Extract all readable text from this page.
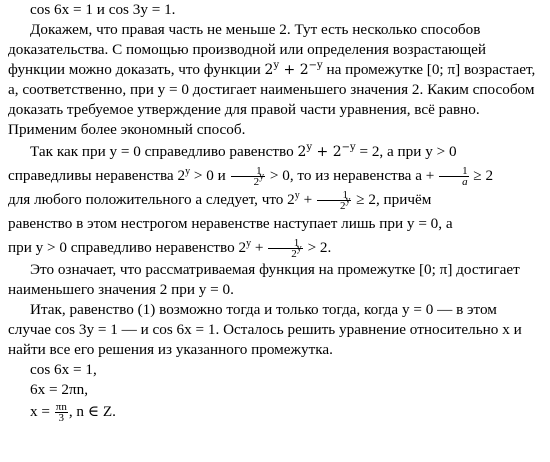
cos 6x = 1 и cos 3y = 1.

Докажем, что правая часть не меньше 2. Тут есть несколько способов доказательства. С помощью производной или определения возрастающей функции можно доказать, что функции $2^y + 2^{-y}$ на промежутке [0; π] возрастает, а, соответственно, при y = 0 достигает наименьшего значения 2. Каким способом доказать требуемое утверждение для правой части уравнения, всё равно. Применим более экономный способ.

Так как при y = 0 справедливо равенство $2^y + 2^{-y} = 2$, а при y > 0 справедливы неравенства $2^y > 0$ и $\frac{1}{2^y} > 0$, то из неравенства $a + \frac{1}{a} \ge 2$
для любого положительного a следует, что $2^y + \frac{1}{2^y} \ge 2$, причём
равенство в этом нестрогом неравенстве наступает лишь при y = 0, а
при y > 0 справедливо неравенство $2^y + \frac{1}{2^y} > 2$.

Это означает, что рассматриваемая функция на промежутке [0; π] достигает наименьшего значения 2 при y = 0.

Итак, равенство (1) возможно тогда и только тогда, когда y = 0 — в этом случае cos 3y = 1 — и cos 6x = 1. Осталось решить уравнение относительно x и найти все его решения из указанного промежутка.

cos 6x = 1,

6x = 2πn,

$x = \frac{\pi n}{3}$ , n ∈ Z.
